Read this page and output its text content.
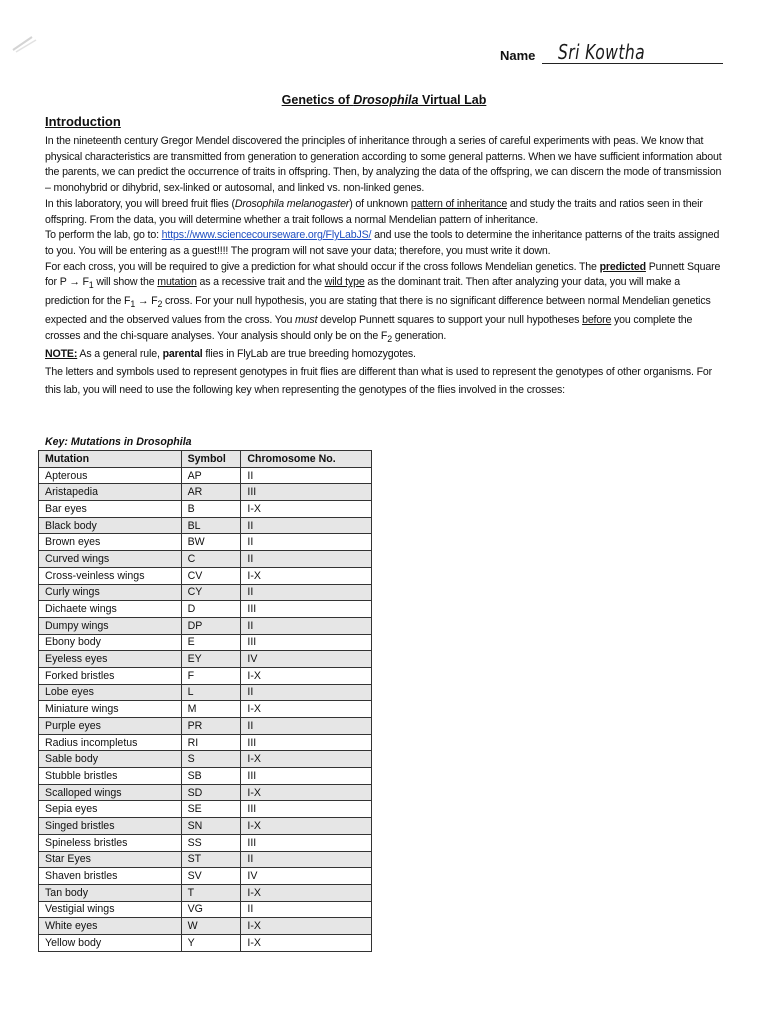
Name Sri Kowtha
Genetics of Drosophila Virtual Lab
Introduction

In the nineteenth century Gregor Mendel discovered the principles of inheritance through a series of careful experiments with peas. We know that physical characteristics are transmitted from generation to generation according to some general patterns. When we have sufficient information about the parents, we can predict the occurrence of traits in offspring. Then, by analyzing the data of the offspring, we can discern the mode of transmission – monohybrid or dihybrid, sex-linked or autosomal, and linked vs. non-linked genes.

In this laboratory, you will breed fruit flies (Drosophila melanogaster) of unknown pattern of inheritance and study the traits and ratios seen in their offspring. From the data, you will determine whether a trait follows a normal Mendelian pattern of inheritance.

To perform the lab, go to: https://www.sciencecourseware.org/FlyLabJS/ and use the tools to determine the inheritance patterns of the traits assigned to you. You will be entering as a guest!!!! The program will not save your data; therefore, you must write it down.

For each cross, you will be required to give a prediction for what should occur if the cross follows Mendelian genetics. The predicted Punnett Square for $P \to F_1$ will show the mutation as a recessive trait and the wild type as the dominant trait. Then after analyzing your data, you will make a prediction for the $F_1 \to F_2$ cross. For your null hypothesis, you are stating that there is no significant difference between normal Mendelian genetics expected and the observed values from the cross. You must develop Punnett squares to support your null hypotheses before you complete the crosses and the chi-square analyses. Your analysis should only be on the $F_2$ generation.

NOTE: As a general rule, parental flies in FlyLab are true breeding homozygotes.

The letters and symbols used to represent genotypes in fruit flies are different than what is used to represent the genotypes of other organisms. For this lab, you will need to use the following key when representing the genotypes of the flies involved in the crosses:

Key: Mutations in Drosophila
Mutation	Symbol	Chromosome No.
Apterous	AP	II
Aristapedia	AR	III
Bar eyes	B	I-X
Black body	BL	II
Brown eyes	BW	II
Curved wings	C	II
Cross-veinless wings	CV	I-X
Curly wings	CY	II
Dichaete wings	D	III
Dumpy wings	DP	II
Ebony body	E	III
Eyeless eyes	EY	IV
Forked bristles	F	I-X
Lobe eyes	L	II
Miniature wings	M	I-X
Purple eyes	PR	II
Radius incompletus	RI	III
Sable body	S	I-X
Stubble bristles	SB	III
Scalloped wings	SD	I-X
Sepia eyes	SE	III
Singed bristles	SN	I-X
Spineless bristles	SS	III
Star Eyes	ST	II
Shaven bristles	SV	IV
Tan body	T	I-X
Vestigial wings	VG	II
White eyes	W	I-X
Yellow body	Y	I-X
